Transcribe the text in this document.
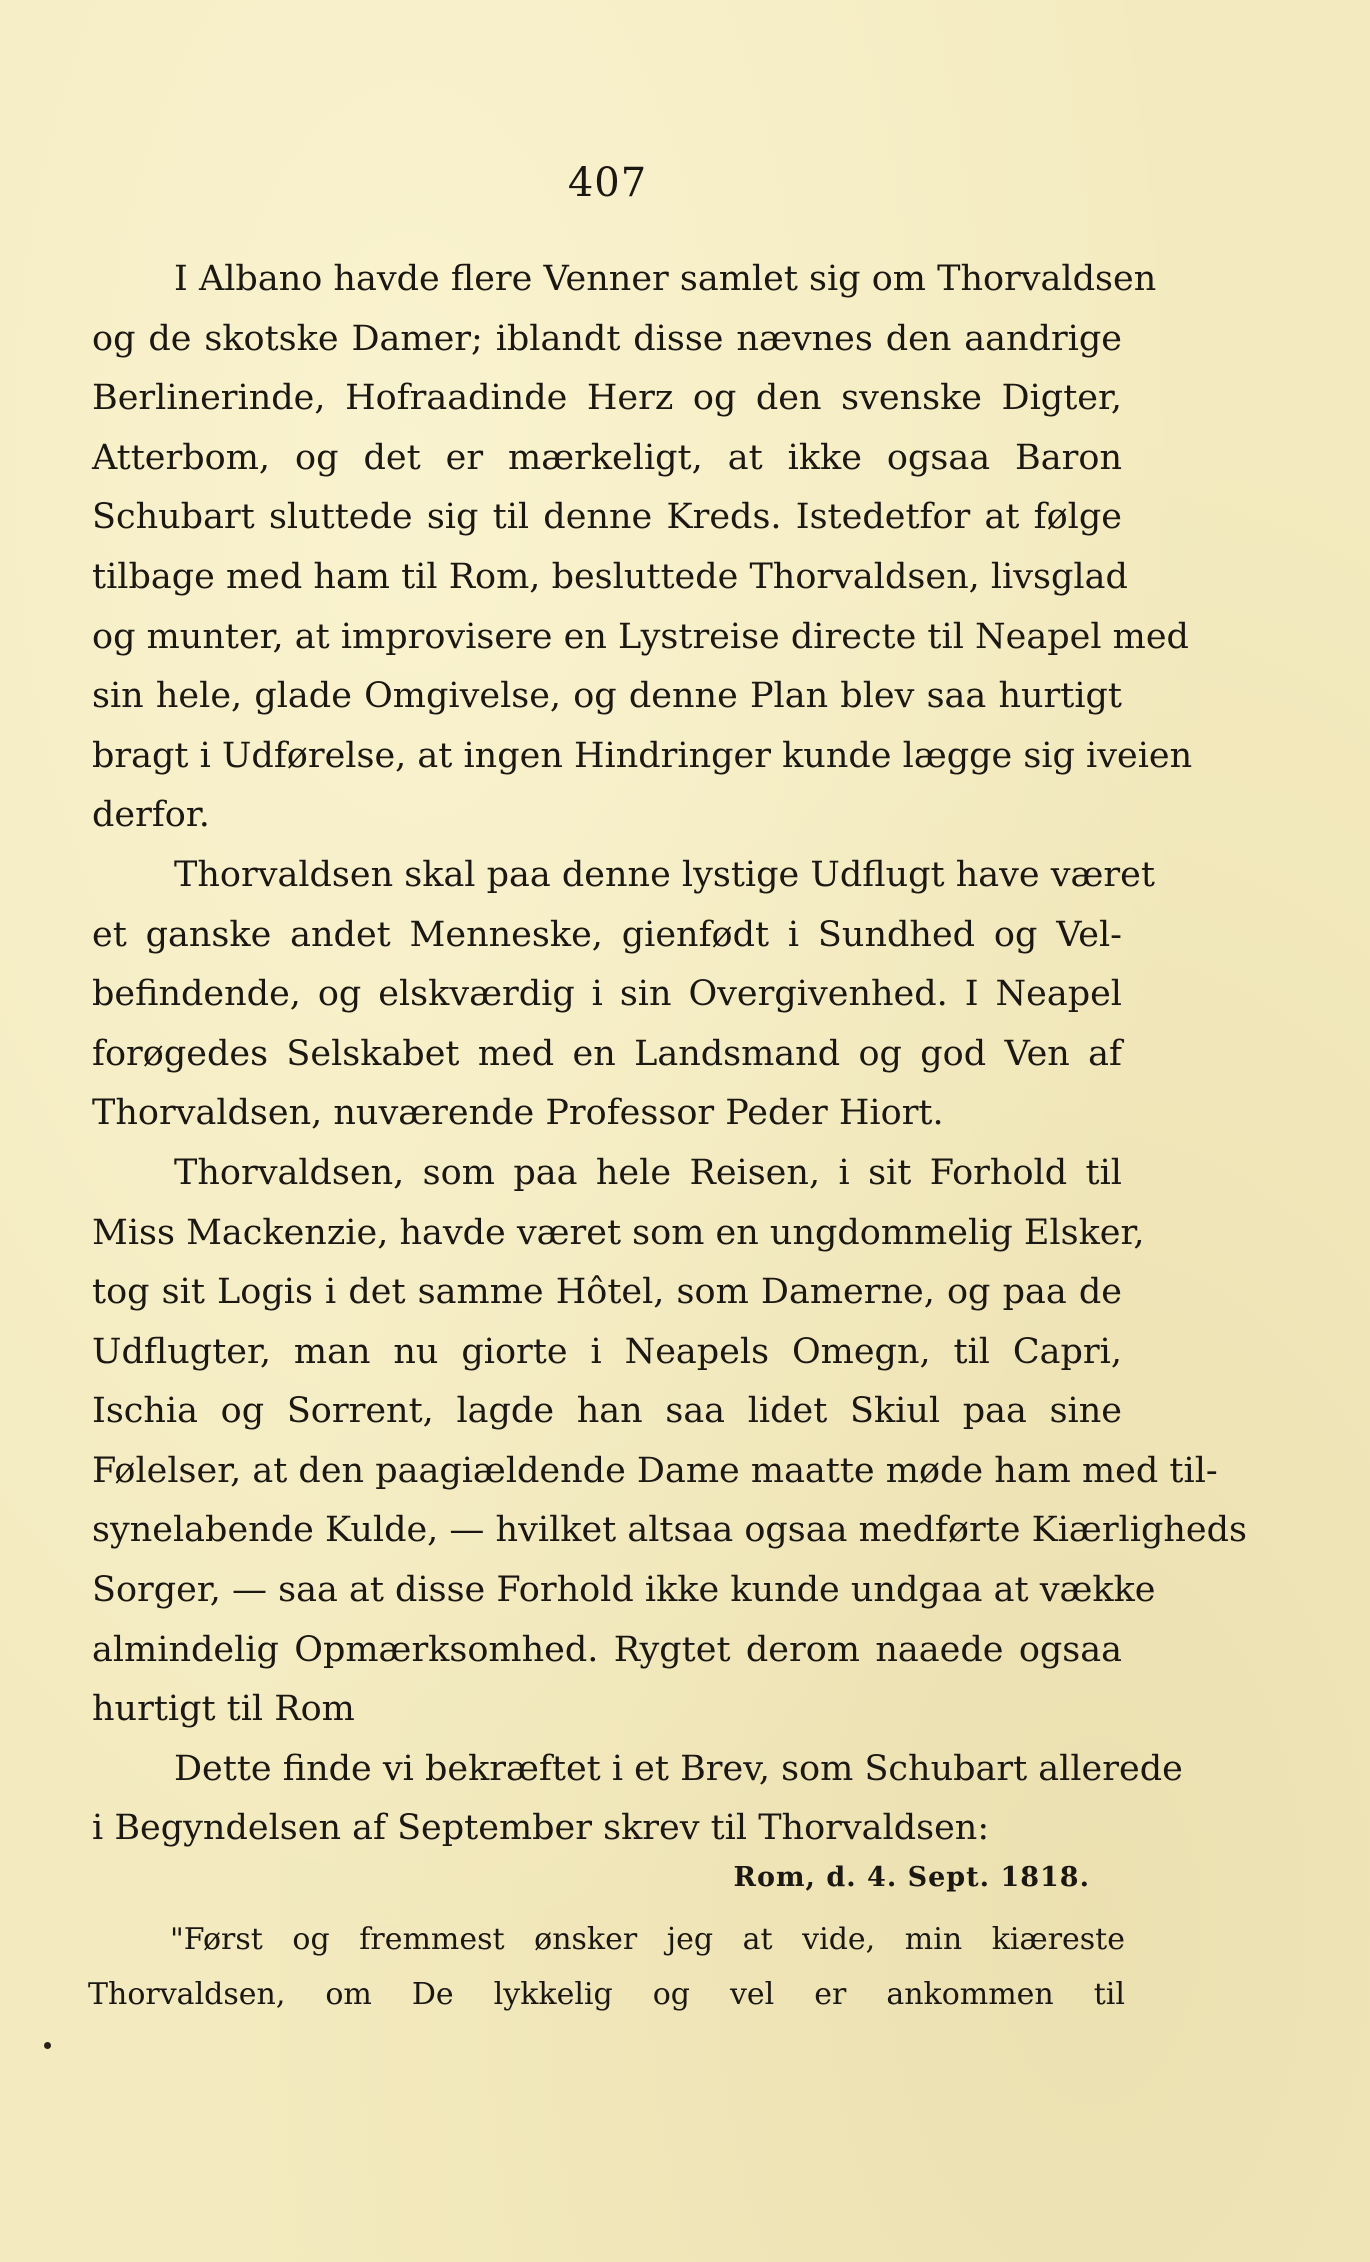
407
I Albano havde flere Venner samlet sig om Thorvaldsen
og de skotske Damer; iblandt disse nævnes den aandrige
Berlinerinde, Hofraadinde Herz og den svenske Digter,
Atterbom, og det er mærkeligt, at ikke ogsaa Baron
Schubart sluttede sig til denne Kreds. Istedetfor at følge
tilbage med ham til Rom, besluttede Thorvaldsen, livsglad
og munter, at improvisere en Lystreise directe til Neapel med
sin hele, glade Omgivelse, og denne Plan blev saa hurtigt
bragt i Udførelse, at ingen Hindringer kunde lægge sig iveien
derfor.
Thorvaldsen skal paa denne lystige Udflugt have været
et ganske andet Menneske, gienfødt i Sundhed og Vel-
befindende, og elskværdig i sin Overgivenhed. I Neapel
forøgedes Selskabet med en Landsmand og god Ven af
Thorvaldsen, nuværende Professor Peder Hiort.
Thorvaldsen, som paa hele Reisen, i sit Forhold til
Miss Mackenzie, havde været som en ungdommelig Elsker,
tog sit Logis i det samme Hôtel, som Damerne, og paa de
Udflugter, man nu giorte i Neapels Omegn, til Capri,
Ischia og Sorrent, lagde han saa lidet Skiul paa sine
Følelser, at den paagiældende Dame maatte møde ham med til-
synelabende Kulde, — hvilket altsaa ogsaa medførte Kiærligheds
Sorger, — saa at disse Forhold ikke kunde undgaa at vække
almindelig Opmærksomhed. Rygtet derom naaede ogsaa
hurtigt til Rom
Dette finde vi bekræftet i et Brev, som Schubart allerede
i Begyndelsen af September skrev til Thorvaldsen:
Rom, d. 4. Sept. 1818.
"Først og fremmest ønsker jeg at vide, min kiæreste
Thorvaldsen, om De lykkelig og vel er ankommen til
